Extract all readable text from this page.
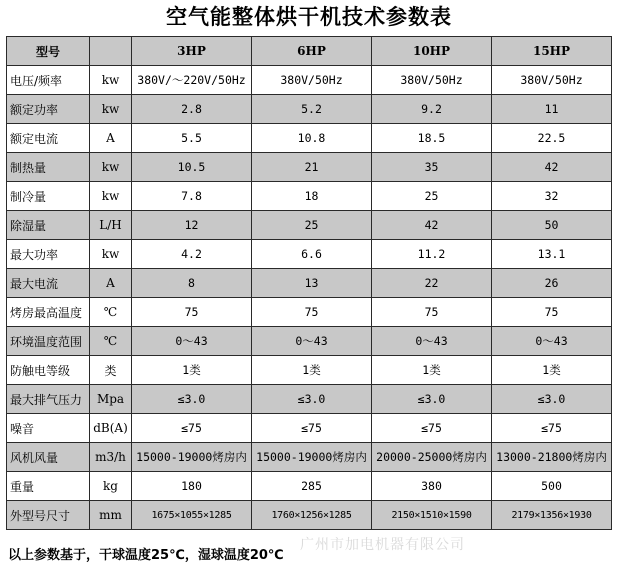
空气能整体烘干机技术参数表
型号		3HP	6HP	10HP	15HP
电压/频率	kw	380V/～220V/50Hz	380V/50Hz	380V/50Hz	380V/50Hz
额定功率	kw	2.8	5.2	9.2	11
额定电流	A	5.5	10.8	18.5	22.5
制热量	kw	10.5	21	35	42
制冷量	kw	7.8	18	25	32
除湿量	L/H	12	25	42	50
最大功率	kw	4.2	6.6	11.2	13.1
最大电流	A	8	13	22	26
烤房最高温度	℃	75	75	75	75
环境温度范围	℃	0～43	0～43	0～43	0～43
防触电等级	类	1类	1类	1类	1类
最大排气压力	Mpa	≤3.0	≤3.0	≤3.0	≤3.0
噪音	dB(A)	≤75	≤75	≤75	≤75
风机风量	m3/h	15000-19000烤房内	15000-19000烤房内	20000-25000烤房内	13000-21800烤房内
重量	kg	180	285	380	500
外型号尺寸	mm	1675×1055×1285	1760×1256×1285	2150×1510×1590	2179×1356×1930
广州市加电机器有限公司
以上参数基于，干球温度25℃，湿球温度20℃
